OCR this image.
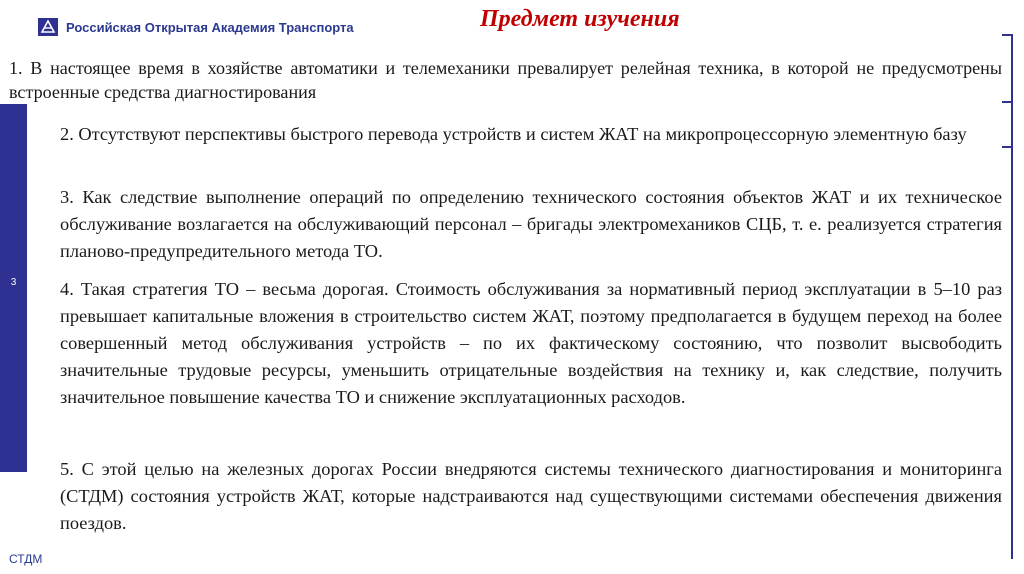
Российская Открытая Академия Транспорта	Предмет изучения
3

1. В настоящее время в хозяйстве автоматики и телемеханики превалирует релейная техника, в которой не предусмотрены встроенные средства диагностирования

2. Отсутствуют перспективы быстрого перевода устройств и систем ЖАТ на микропроцессорную элементную базу

3. Как следствие выполнение операций по определению технического состояния объектов ЖАТ и их техническое обслуживание возлагается на обслуживающий персонал – бригады электромехаников СЦБ, т. е. реализуется стратегия планово-предупредительного метода ТО.

4. Такая стратегия ТО – весьма дорогая. Стоимость обслуживания за нормативный период эксплуатации в 5–10 раз превышает капитальные вложения в строительство систем ЖАТ, поэтому предполагается в будущем переход на более совершенный метод обслуживания устройств – по их фактическому состоянию, что позволит высвободить значительные трудовые ресурсы, уменьшить отрицательные воздействия на технику и, как следствие, получить значительное повышение качества ТО и снижение эксплуатационных расходов.

5. С этой целью на железных дорогах России внедряются системы технического диагностирования и мониторинга (СТДМ) состояния устройств ЖАТ, которые надстраиваются над существующими системами обеспечения движения поездов.

СТДМ
